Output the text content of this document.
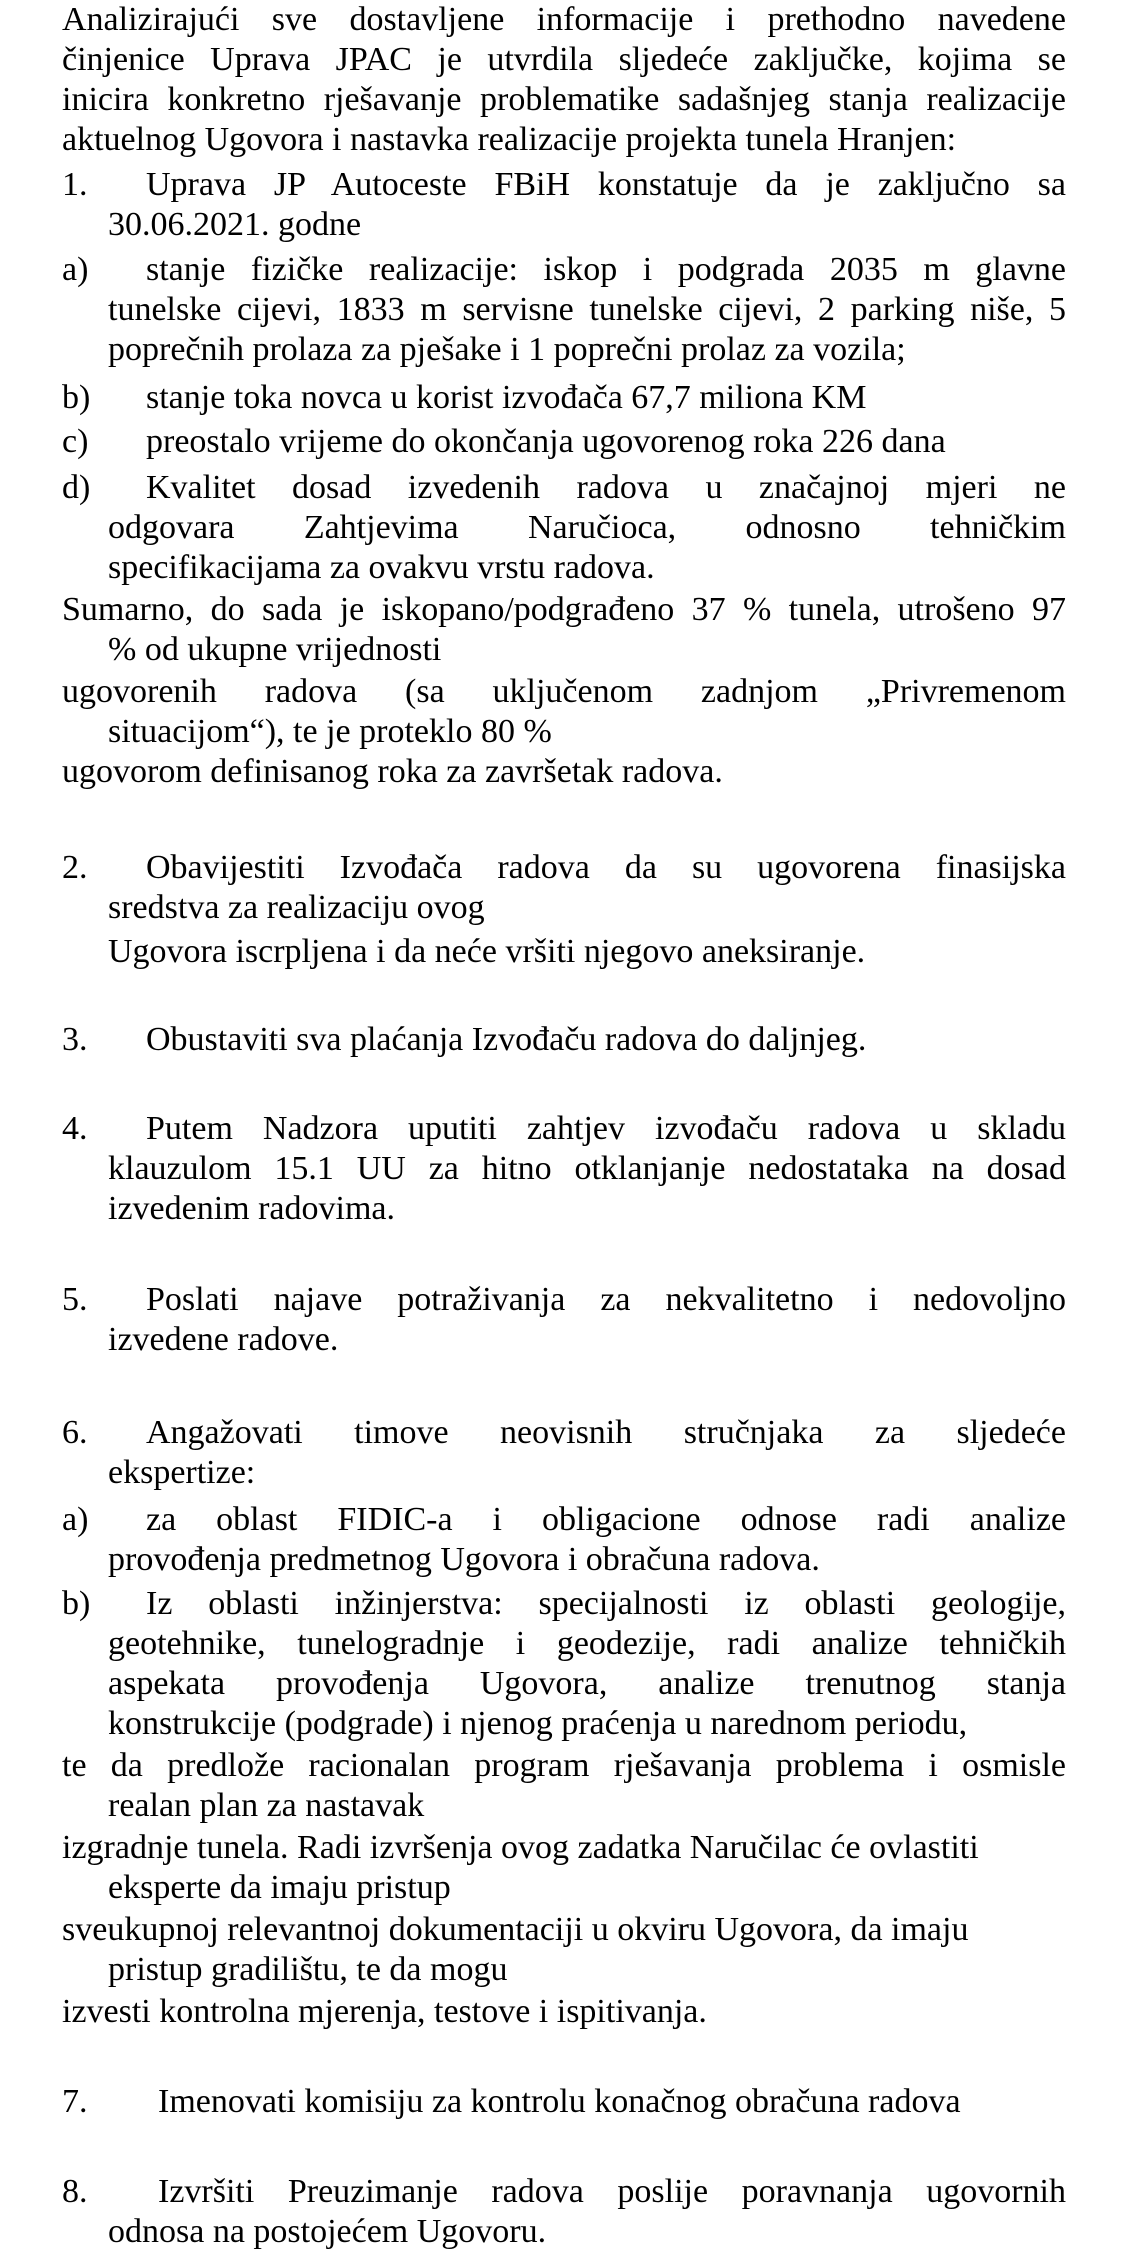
Analizirajući sve dostavljene informacije i prethodno navedene
činjenice Uprava JPAC je utvrdila sljedeće zaključke, kojima se
inicira konkretno rješavanje problematike sadašnjeg stanja realizacije
aktuelnog Ugovora i nastavka realizacije projekta tunela Hranjen:
1.	Uprava JP Autoceste FBiH konstatuje da je zaključno sa
30.06.2021. godne
a)	stanje fizičke realizacije: iskop i podgrada 2035 m glavne
tunelske cijevi, 1833 m servisne tunelske cijevi, 2 parking niše, 5
poprečnih prolaza za pješake i 1 poprečni prolaz za vozila;
b) stanje toka novca u korist izvođača 67,7 miliona KM
c) preostalo vrijeme do okončanja ugovorenog roka 226 dana
d)	Kvalitet dosad izvedenih radova u značajnoj mjeri ne
odgovara Zahtjevima Naručioca, odnosno tehničkim
specifikacijama za ovakvu vrstu radova.
Sumarno, do sada je iskopano/podgrađeno 37 % tunela, utrošeno 97
% od ukupne vrijednosti
ugovorenih radova (sa uključenom zadnjom „Privremenom
situacijom“), te je proteklo 80 %
ugovorom definisanog roka za završetak radova.
2.	Obavijestiti Izvođača radova da su ugovorena finasijska
sredstva za realizaciju ovog
Ugovora iscrpljena i da neće vršiti njegovo aneksiranje.
3. Obustaviti sva plaćanja Izvođaču radova do daljnjeg.
4.	Putem Nadzora uputiti zahtjev izvođaču radova u skladu
klauzulom 15.1 UU za hitno otklanjanje nedostataka na dosad
izvedenim radovima.
5.	Poslati najave potraživanja za nekvalitetno i nedovoljno
izvedene radove.
6.	Angažovati timove neovisnih stručnjaka za sljedeće
ekspertize:
a)	za oblast FIDIC-a i obligacione odnose radi analize
provođenja predmetnog Ugovora i obračuna radova.
b)	Iz oblasti inžinjerstva: specijalnosti iz oblasti geologije,
geotehnike, tunelogradnje i geodezije, radi analize tehničkih
aspekata provođenja Ugovora, analize trenutnog stanja
konstrukcije (podgrade) i njenog praćenja u narednom periodu,
te da predlože racionalan program rješavanja problema i osmisle
realan plan za nastavak
izgradnje tunela. Radi izvršenja ovog zadatka Naručilac će ovlastiti
eksperte da imaju pristup
sveukupnoj relevantnoj dokumentaciji u okviru Ugovora, da imaju
pristup gradilištu, te da mogu
izvesti kontrolna mjerenja, testove i ispitivanja.
7. Imenovati komisiju za kontrolu konačnog obračuna radova
8.	Izvršiti Preuzimanje radova poslije poravnanja ugovornih
odnosa na postojećem Ugovoru.
